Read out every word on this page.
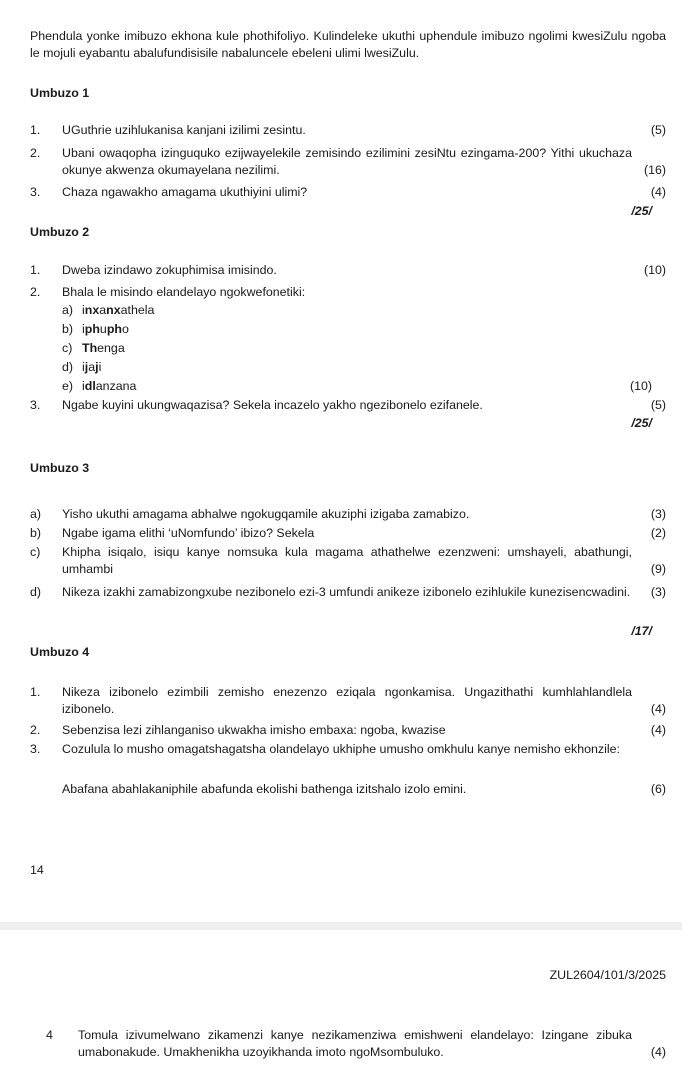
Phendula yonke imibuzo ekhona kule phothifoliyo. Kulindeleke ukuthi uphendule imibuzo ngolimi kwesiZulu ngoba le mojuli eyabantu abalufundisisile nabaluncele ebeleni ulimi lwesiZulu.
Umbuzo 1
1.	UGuthrie uzihlukanisa kanjani izilimi zesintu.	(5)
2.	Ubani owaqopha izinguquko ezijwayelekile zemisindo ezilimini zesiNtu ezingama-200? Yithi ukuchaza okunye akwenza okumayelana nezilimi.	(16)
3.	Chaza ngawakho amagama ukuthiyini ulimi?	(4)
/25/
Umbuzo 2
1.	Dweba izindawo zokuphimisa imisindo.	(10)
2.	Bhala le misindo elandelayo ngokwefonetiki:
a) inxanxathela
b) iphupho
c) Thenga
d) ijaji
e) idlanzana	(10)
3.	Ngabe kuyini ukungwaqazisa? Sekela incazelo yakho ngezibonelo ezifanele.	(5)
/25/
Umbuzo 3
a)	Yisho ukuthi amagama abhalwe ngokugqamile akuziphi izigaba zamabizo.	(3)
b)	Ngabe igama elithi ‘uNomfundo’ ibizo? Sekela	(2)
c)	Khipha isiqalo, isiqu kanye nomsuka kula magama athathelwe ezenzweni: umshayeli, abathungi, umhambi	(9)
d)	Nikeza izakhi zamabizongxube nezibonelo ezi-3 umfundi anikeze izibonelo ezihlukile kunezisencwadini. (3)
/17/
Umbuzo 4
1.	Nikeza izibonelo ezimbili zemisho enezenzo eziqala ngonkamisa. Ungazithathi kumhlahlandlela izibonelo.	(4)
2.	Sebenzisa lezi zihlanganiso ukwakha imisho embaxa: ngoba, kwazise	(4)
3.	Cozulula lo musho omagatshagatsha olandelayo ukhiphe umusho omkhulu kanye nemisho ekhonzile:
Abafana abahlakaniphile abafunda ekolishi bathenga izitshalo izolo emini.	(6)
14
ZUL2604/101/3/2025
4	Tomula izivumelwano zikamenzi kanye nezikamenziwa emishweni elandelayo: Izingane zibuka umabonakude. Umakhenikha uzoyikhanda imoto ngoMsombuluko.	(4)
